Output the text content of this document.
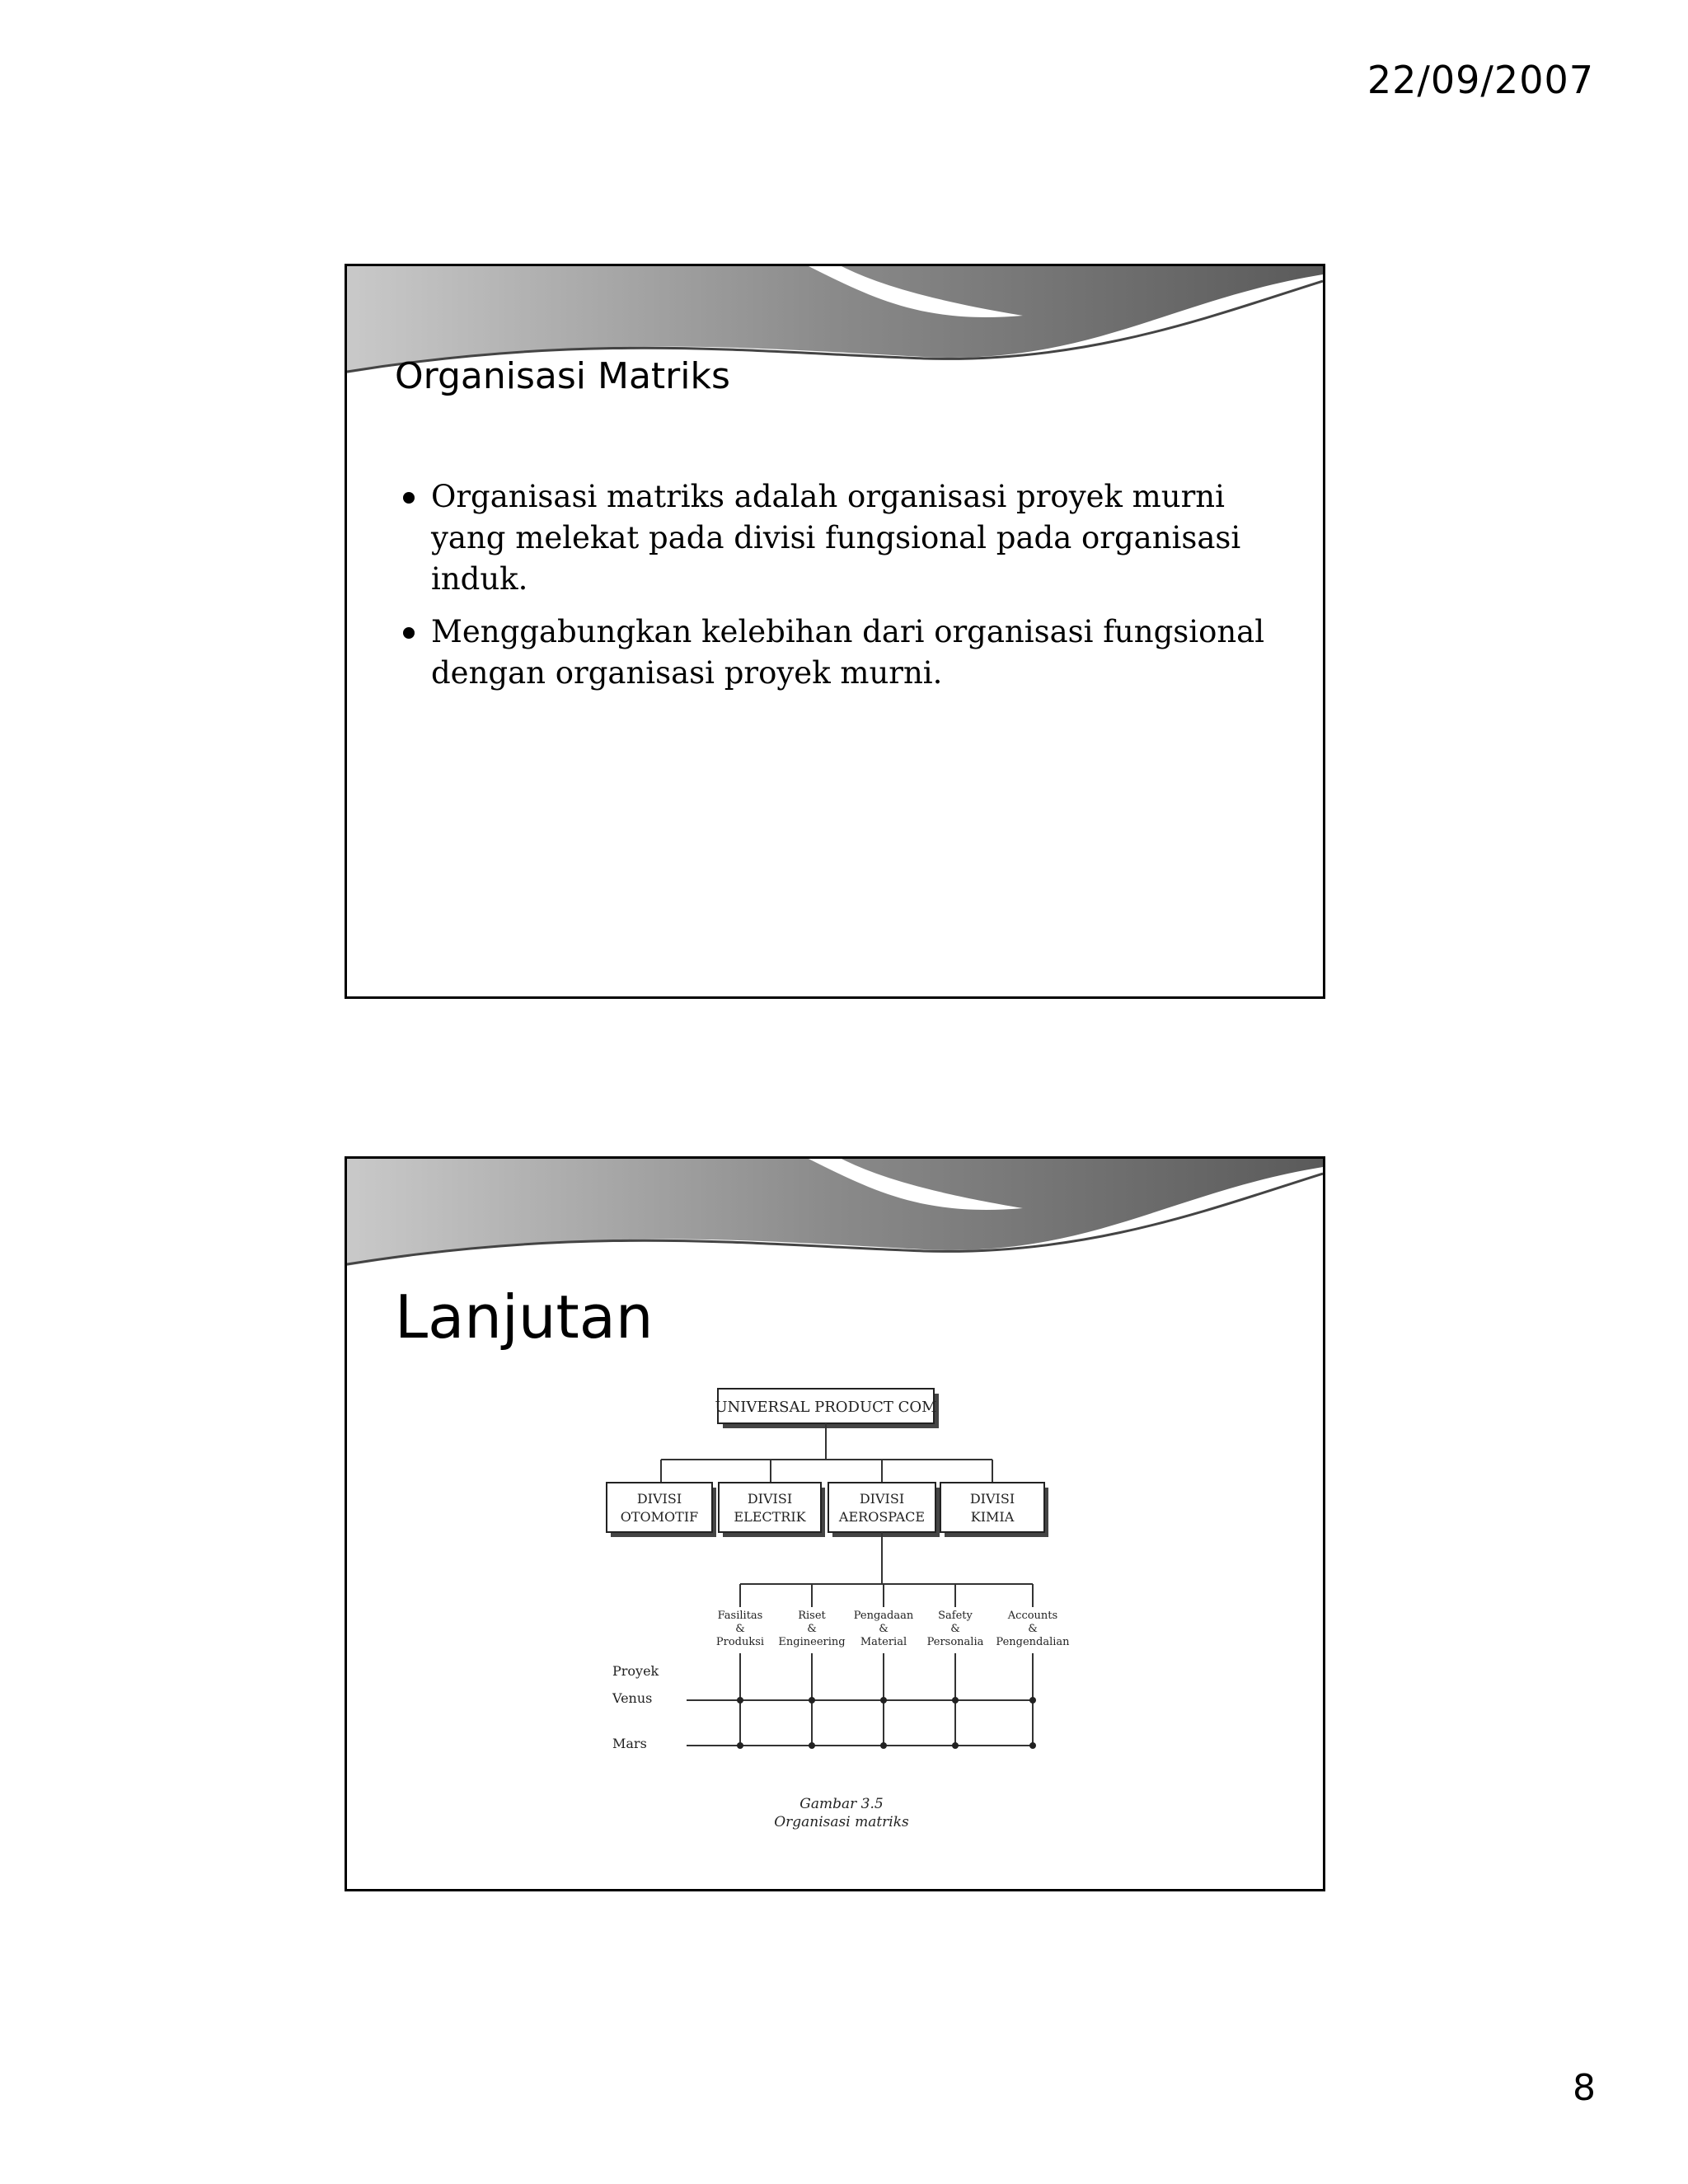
22/09/2007
Organisasi Matriks
Organisasi matriks adalah organisasi proyek murni yang melekat pada divisi fungsional pada organisasi induk.
Menggabungkan kelebihan dari organisasi fungsional dengan organisasi proyek murni.
Lanjutan
UNIVERSAL PRODUCT COM
DIVISI
OTOMOTIF
DIVISI
ELECTRIK
DIVISI
AEROSPACE
DIVISI
KIMIA
Fasilitas
&
Produksi
Riset
&
Engineering
Pengadaan
&
Material
Safety
&
Personalia
Accounts
&
Pengendalian
Proyek
Venus
Mars
Gambar 3.5
Organisasi matriks
8
